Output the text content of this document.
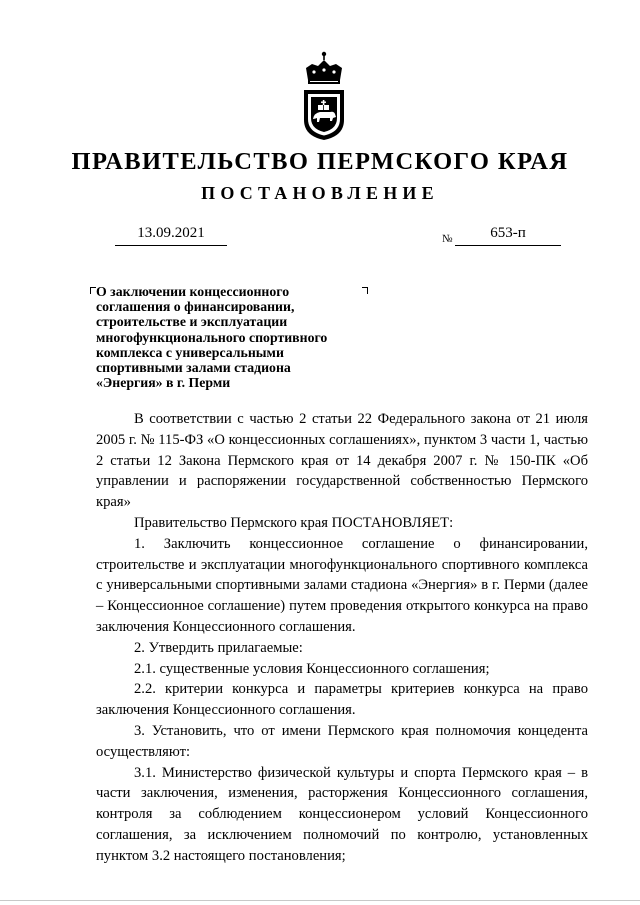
ПРАВИТЕЛЬСТВО ПЕРМСКОГО КРАЯ
ПОСТАНОВЛЕНИЕ
13.09.2021	№	653-п
О заключении концессионного
соглашения о финансировании,
строительстве и эксплуатации
многофункционального спортивного
комплекса с универсальными
спортивными залами стадиона
«Энергия» в г. Перми

В соответствии с частью 2 статьи 22 Федерального закона от 21 июля 2005 г. № 115-ФЗ «О концессионных соглашениях», пунктом 3 части 1, частью 2 статьи 12 Закона Пермского края от 14 декабря 2007 г. № 150-ПК «Об управлении и распоряжении государственной собственностью Пермского края»

Правительство Пермского края ПОСТАНОВЛЯЕТ:

1. Заключить концессионное соглашение о финансировании, строительстве и эксплуатации многофункционального спортивного комплекса с универсальными спортивными залами стадиона «Энергия» в г. Перми (далее – Концессионное соглашение) путем проведения открытого конкурса на право заключения Концессионного соглашения.

2. Утвердить прилагаемые:

2.1. существенные условия Концессионного соглашения;

2.2. критерии конкурса и параметры критериев конкурса на право заключения Концессионного соглашения.

3. Установить, что от имени Пермского края полномочия концедента осуществляют:

3.1. Министерство физической культуры и спорта Пермского края – в части заключения, изменения, расторжения Концессионного соглашения, контроля за соблюдением концессионером условий Концессионного соглашения, за исключением полномочий по контролю, установленных пунктом 3.2 настоящего постановления;
